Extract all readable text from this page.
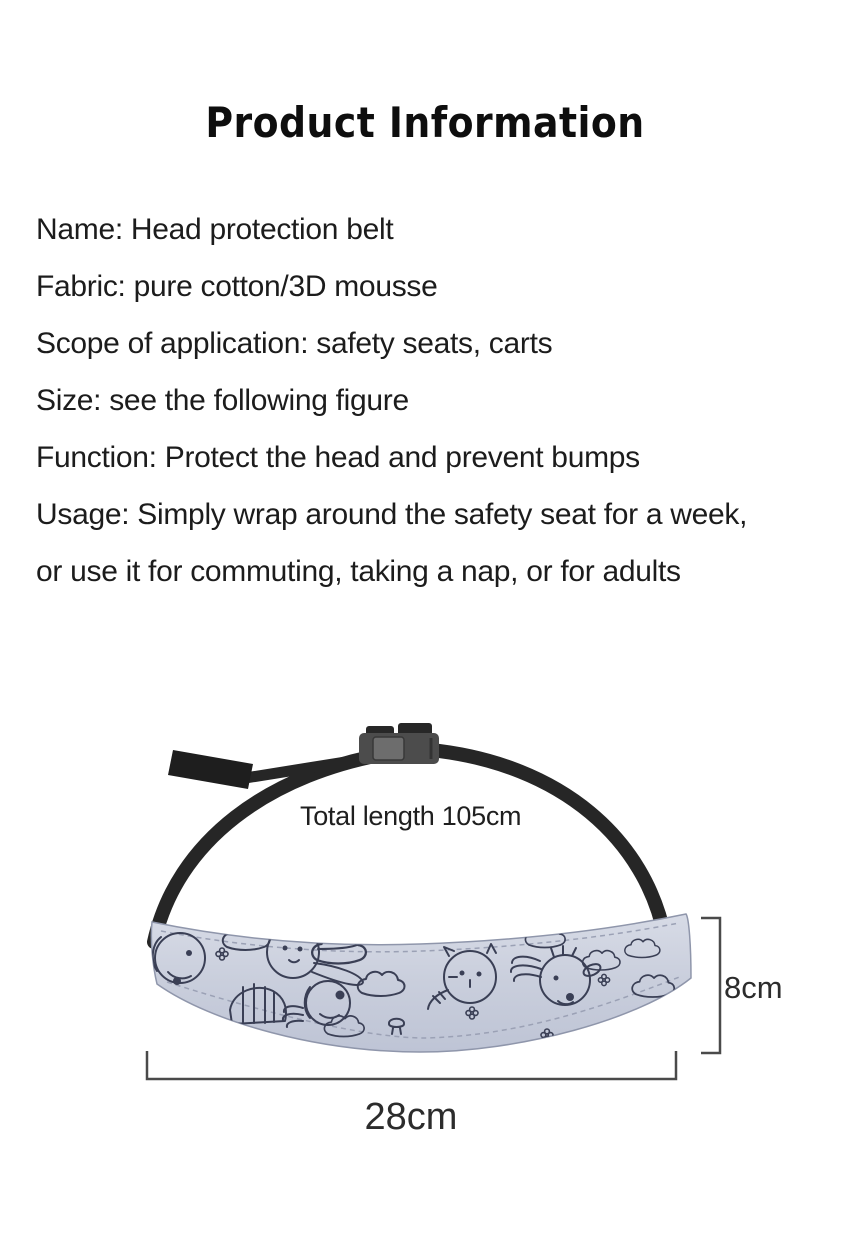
Product Information

Name: Head protection belt

Fabric: pure cotton/3D mousse

Scope of application: safety seats, carts

Size: see the following figure

Function: Protect the head and prevent bumps

Usage: Simply wrap around the safety seat for a week,

or use it for commuting, taking a nap, or for adults

Total length 105cm
8cm
28cm
